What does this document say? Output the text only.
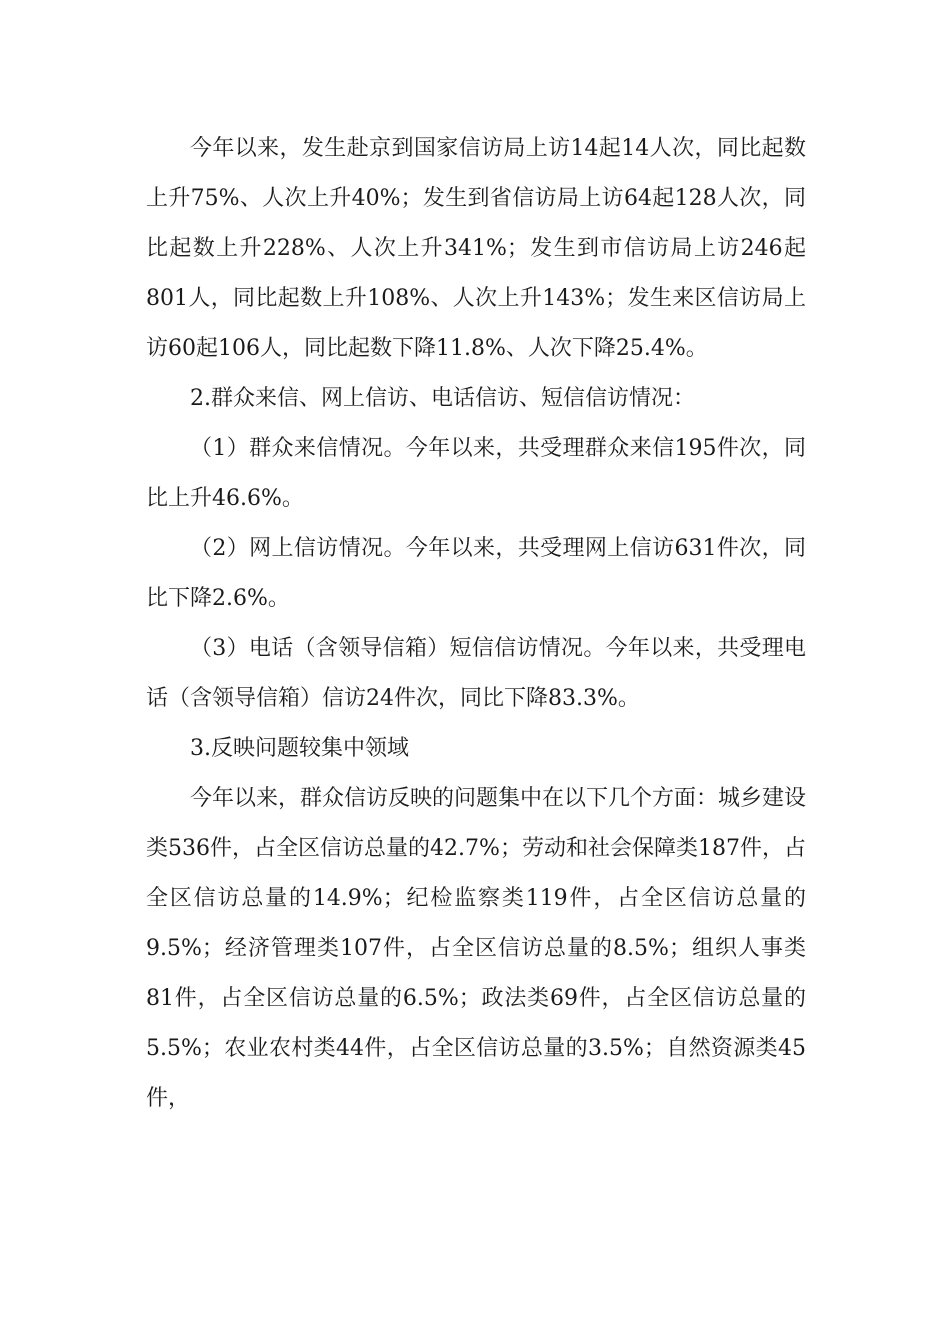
今年以来，发生赴京到国家信访局上访14起14人次，同比起数上升75%、人次上升40%；发生到省信访局上访64起128人次，同比起数上升228%、人次上升341%；发生到市信访局上访246起801人，同比起数上升108%、人次上升143%；发生来区信访局上访60起106人，同比起数下降11.8%、人次下降25.4%。

2.群众来信、网上信访、电话信访、短信信访情况：

（1）群众来信情况。今年以来，共受理群众来信195件次，同比上升46.6%。

（2）网上信访情况。今年以来，共受理网上信访631件次，同比下降2.6%。

（3）电话（含领导信箱）短信信访情况。今年以来，共受理电话（含领导信箱）信访24件次，同比下降83.3%。

3.反映问题较集中领域

今年以来，群众信访反映的问题集中在以下几个方面：城乡建设类536件，占全区信访总量的42.7%；劳动和社会保障类187件，占全区信访总量的14.9%；纪检监察类119件，占全区信访总量的9.5%；经济管理类107件，占全区信访总量的8.5%；组织人事类81件，占全区信访总量的6.5%；政法类69件，占全区信访总量的5.5%；农业农村类44件，占全区信访总量的3.5%；自然资源类45件，
